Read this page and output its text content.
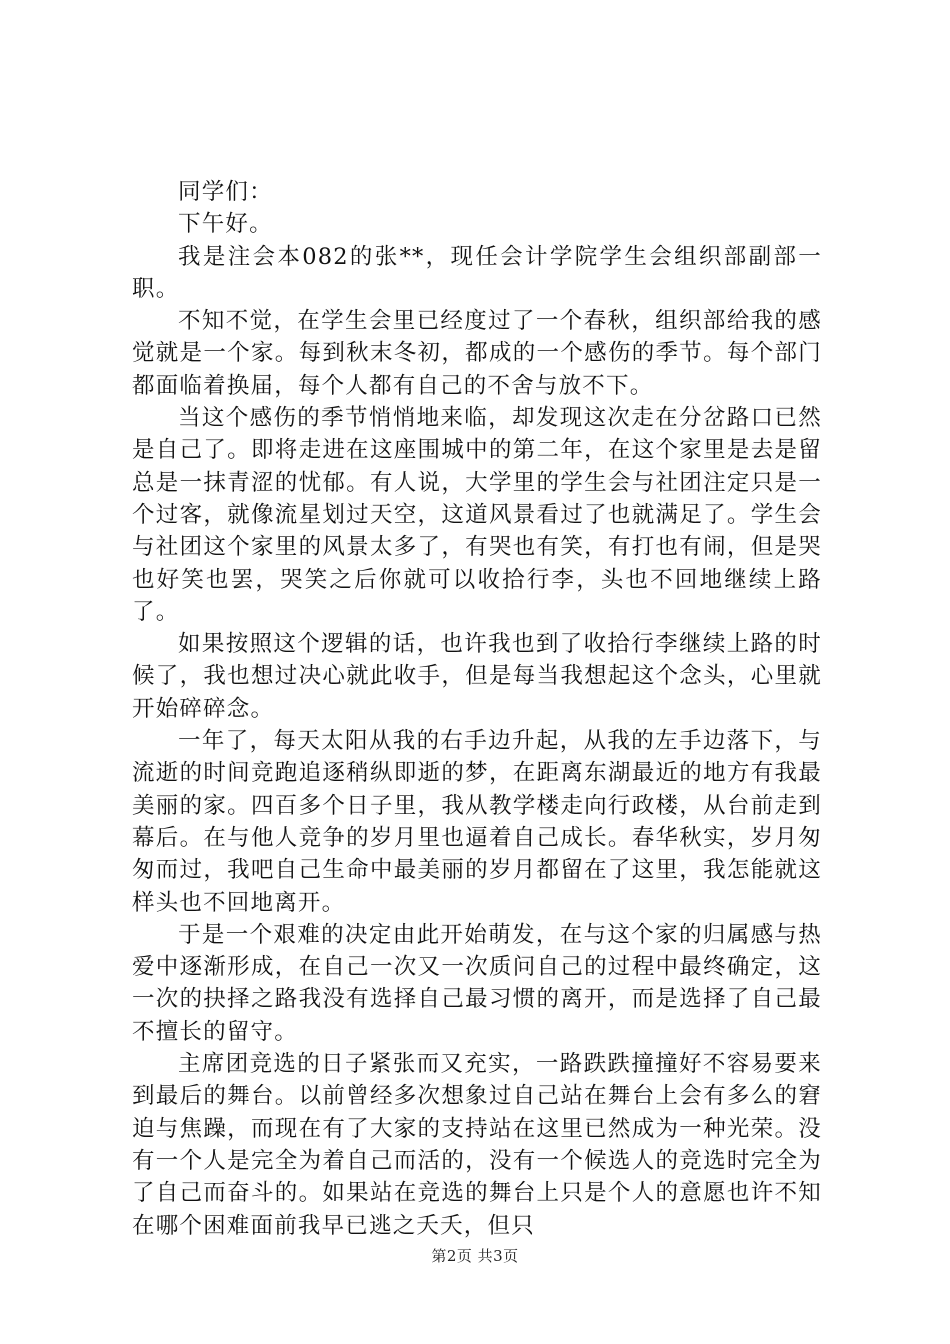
同学们：

下午好。

我是注会本082的张**，现任会计学院学生会组织部副部一职。

不知不觉，在学生会里已经度过了一个春秋，组织部给我的感觉就是一个家。每到秋末冬初，都成的一个感伤的季节。每个部门都面临着换届，每个人都有自己的不舍与放不下。

当这个感伤的季节悄悄地来临，却发现这次走在分岔路口已然是自己了。即将走进在这座围城中的第二年，在这个家里是去是留总是一抹青涩的忧郁。有人说，大学里的学生会与社团注定只是一个过客，就像流星划过天空，这道风景看过了也就满足了。学生会与社团这个家里的风景太多了，有哭也有笑，有打也有闹，但是哭也好笑也罢，哭笑之后你就可以收拾行李，头也不回地继续上路了。

如果按照这个逻辑的话，也许我也到了收拾行李继续上路的时候了，我也想过决心就此收手，但是每当我想起这个念头，心里就开始碎碎念。

一年了，每天太阳从我的右手边升起，从我的左手边落下，与流逝的时间竞跑追逐稍纵即逝的梦，在距离东湖最近的地方有我最美丽的家。四百多个日子里，我从教学楼走向行政楼，从台前走到幕后。在与他人竞争的岁月里也逼着自己成长。春华秋实，岁月匆匆而过，我吧自己生命中最美丽的岁月都留在了这里，我怎能就这样头也不回地离开。

于是一个艰难的决定由此开始萌发，在与这个家的归属感与热爱中逐渐形成，在自己一次又一次质问自己的过程中最终确定，这一次的抉择之路我没有选择自己最习惯的离开，而是选择了自己最不擅长的留守。

主席团竞选的日子紧张而又充实，一路跌跌撞撞好不容易要来到最后的舞台。以前曾经多次想象过自己站在舞台上会有多么的窘迫与焦躁，而现在有了大家的支持站在这里已然成为一种光荣。没有一个人是完全为着自己而活的，没有一个候选人的竞选时完全为了自己而奋斗的。如果站在竞选的舞台上只是个人的意愿也许不知在哪个困难面前我早已逃之夭夭，但只

第2页 共3页
